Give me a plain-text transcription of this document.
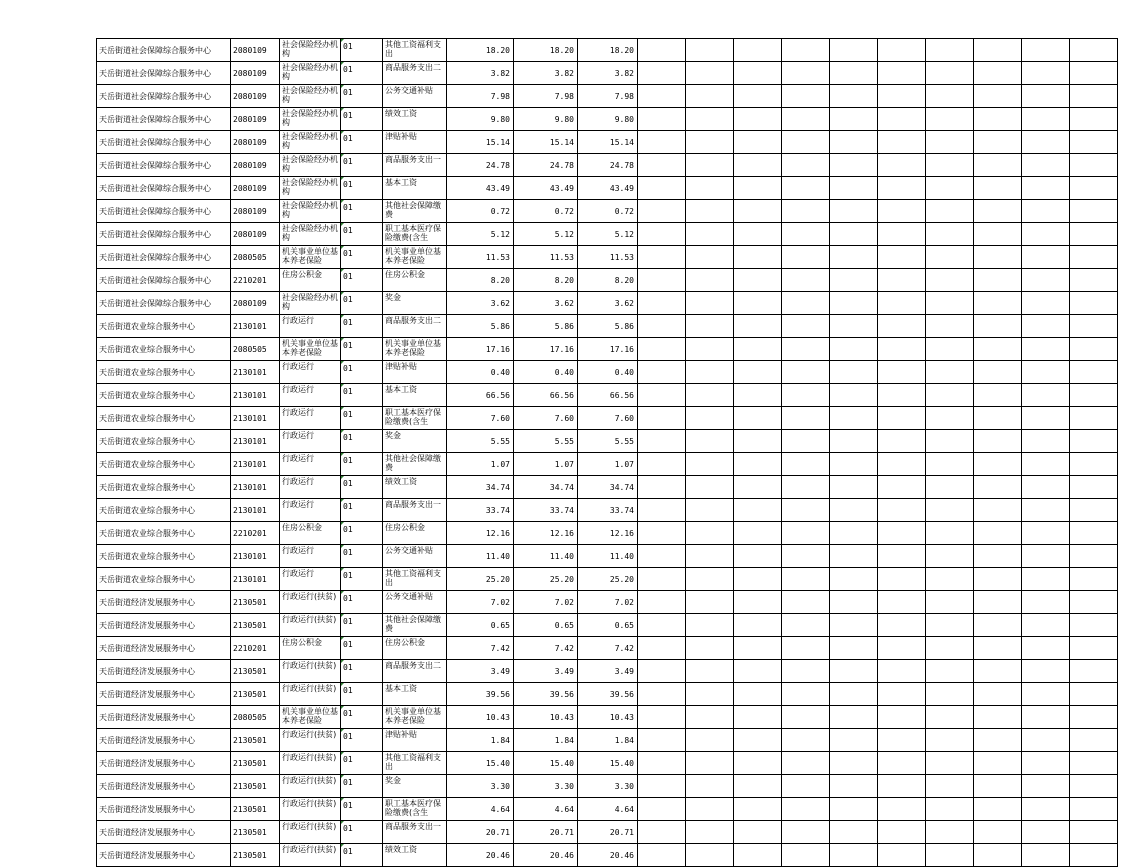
天岳街道社会保障综合服务中心	2080109	社会保险经办机构	01	其他工资福利支出	18.20	18.20	18.20										
天岳街道社会保障综合服务中心	2080109	社会保险经办机构	01	商品服务支出二	3.82	3.82	3.82										
天岳街道社会保障综合服务中心	2080109	社会保险经办机构	01	公务交通补贴	7.98	7.98	7.98										
天岳街道社会保障综合服务中心	2080109	社会保险经办机构	01	绩效工资	9.80	9.80	9.80										
天岳街道社会保障综合服务中心	2080109	社会保险经办机构	01	津贴补贴	15.14	15.14	15.14										
天岳街道社会保障综合服务中心	2080109	社会保险经办机构	01	商品服务支出一	24.78	24.78	24.78										
天岳街道社会保障综合服务中心	2080109	社会保险经办机构	01	基本工资	43.49	43.49	43.49										
天岳街道社会保障综合服务中心	2080109	社会保险经办机构	01	其他社会保障缴费	0.72	0.72	0.72										
天岳街道社会保障综合服务中心	2080109	社会保险经办机构	01	职工基本医疗保险缴费(含生	5.12	5.12	5.12										
天岳街道社会保障综合服务中心	2080505	机关事业单位基本养老保险	01	机关事业单位基本养老保险	11.53	11.53	11.53										
天岳街道社会保障综合服务中心	2210201	住房公积金	01	住房公积金	8.20	8.20	8.20										
天岳街道社会保障综合服务中心	2080109	社会保险经办机构	01	奖金	3.62	3.62	3.62										
天岳街道农业综合服务中心	2130101	行政运行	01	商品服务支出二	5.86	5.86	5.86										
天岳街道农业综合服务中心	2080505	机关事业单位基本养老保险	01	机关事业单位基本养老保险	17.16	17.16	17.16										
天岳街道农业综合服务中心	2130101	行政运行	01	津贴补贴	0.40	0.40	0.40										
天岳街道农业综合服务中心	2130101	行政运行	01	基本工资	66.56	66.56	66.56										
天岳街道农业综合服务中心	2130101	行政运行	01	职工基本医疗保险缴费(含生	7.60	7.60	7.60										
天岳街道农业综合服务中心	2130101	行政运行	01	奖金	5.55	5.55	5.55										
天岳街道农业综合服务中心	2130101	行政运行	01	其他社会保障缴费	1.07	1.07	1.07										
天岳街道农业综合服务中心	2130101	行政运行	01	绩效工资	34.74	34.74	34.74										
天岳街道农业综合服务中心	2130101	行政运行	01	商品服务支出一	33.74	33.74	33.74										
天岳街道农业综合服务中心	2210201	住房公积金	01	住房公积金	12.16	12.16	12.16										
天岳街道农业综合服务中心	2130101	行政运行	01	公务交通补贴	11.40	11.40	11.40										
天岳街道农业综合服务中心	2130101	行政运行	01	其他工资福利支出	25.20	25.20	25.20										
天岳街道经济发展服务中心	2130501	行政运行(扶贫)	01	公务交通补贴	7.02	7.02	7.02										
天岳街道经济发展服务中心	2130501	行政运行(扶贫)	01	其他社会保障缴费	0.65	0.65	0.65										
天岳街道经济发展服务中心	2210201	住房公积金	01	住房公积金	7.42	7.42	7.42										
天岳街道经济发展服务中心	2130501	行政运行(扶贫)	01	商品服务支出二	3.49	3.49	3.49										
天岳街道经济发展服务中心	2130501	行政运行(扶贫)	01	基本工资	39.56	39.56	39.56										
天岳街道经济发展服务中心	2080505	机关事业单位基本养老保险	01	机关事业单位基本养老保险	10.43	10.43	10.43										
天岳街道经济发展服务中心	2130501	行政运行(扶贫)	01	津贴补贴	1.84	1.84	1.84										
天岳街道经济发展服务中心	2130501	行政运行(扶贫)	01	其他工资福利支出	15.40	15.40	15.40										
天岳街道经济发展服务中心	2130501	行政运行(扶贫)	01	奖金	3.30	3.30	3.30										
天岳街道经济发展服务中心	2130501	行政运行(扶贫)	01	职工基本医疗保险缴费(含生	4.64	4.64	4.64										
天岳街道经济发展服务中心	2130501	行政运行(扶贫)	01	商品服务支出一	20.71	20.71	20.71										
天岳街道经济发展服务中心	2130501	行政运行(扶贫)	01	绩效工资	20.46	20.46	20.46										
